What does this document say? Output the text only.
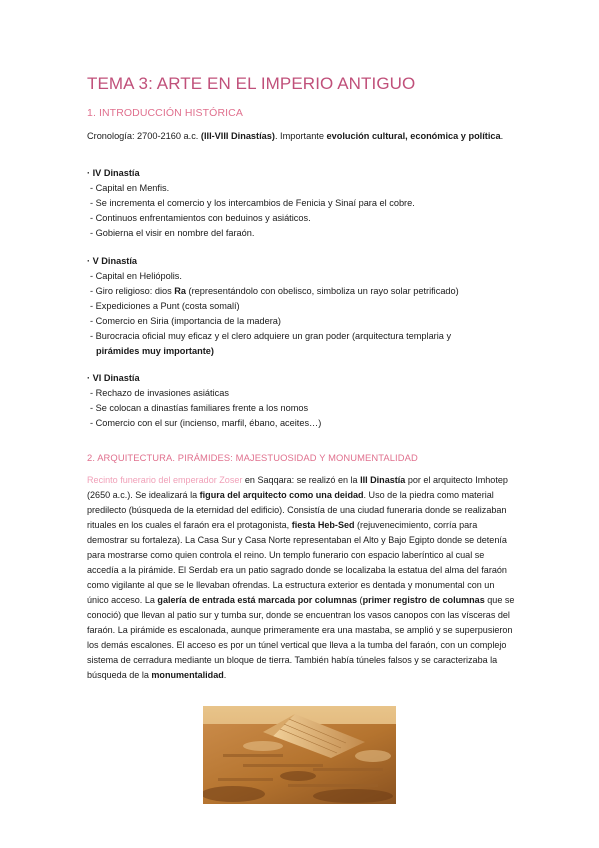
TEMA 3: ARTE EN EL IMPERIO ANTIGUO
1. INTRODUCCIÓN HISTÓRICA
Cronología: 2700-2160 a.c. (III-VIII Dinastías). Importante evolución cultural, económica y política.
· IV Dinastía
- Capital en Menfis.
- Se incrementa el comercio y los intercambios de Fenicia y Sinaí para el cobre.
- Continuos enfrentamientos con beduinos y asiáticos.
- Gobierna el visir en nombre del faraón.
· V Dinastía
- Capital en Heliópolis.
- Giro religioso: dios Ra (representándolo con obelisco, simboliza un rayo solar petrificado)
- Expediciones a Punt (costa somalí)
- Comercio en Siria (importancia de la madera)
- Burocracia oficial muy eficaz y el clero adquiere un gran poder (arquitectura templaria y
pirámides muy importante)
· VI Dinastía
- Rechazo de invasiones asiáticas
- Se colocan a dinastías familiares frente a los nomos
- Comercio con el sur (incienso, marfil, ébano, aceites…)
2. ARQUITECTURA. PIRÁMIDES: MAJESTUOSIDAD Y MONUMENTALIDAD
Recinto funerario del emperador Zoser en Saqqara: se realizó en la III Dinastía por el arquitecto Imhotep (2650 a.c.). Se idealizará la figura del arquitecto como una deidad. Uso de la piedra como material predilecto (búsqueda de la eternidad del edificio). Consistía de una ciudad funeraria donde se realizaban rituales en los cuales el faraón era el protagonista, fiesta Heb-Sed (rejuvenecimiento, corría para demostrar su fortaleza). La Casa Sur y Casa Norte representaban el Alto y Bajo Egipto donde se detenía para mostrarse como quien controla el reino. Un templo funerario con espacio laberíntico al cual se accedía a la pirámide. El Serdab era un patio sagrado donde se localizaba la estatua del alma del faraón como vigilante al que se le llevaban ofrendas. La estructura exterior es dentada y monumental con un único acceso. La galería de entrada está marcada por columnas (primer registro de columnas que se conoció) que llevan al patio sur y tumba sur, donde se encuentran los vasos canopos con las vísceras del faraón. La pirámide es escalonada, aunque primeramente era una mastaba, se amplió y se superpusieron los demás escalones. El acceso es por un túnel vertical que lleva a la tumba del faraón, con un complejo sistema de cerradura mediante un bloque de tierra. También había túneles falsos y se caracterizaba la búsqueda de la monumentalidad.
